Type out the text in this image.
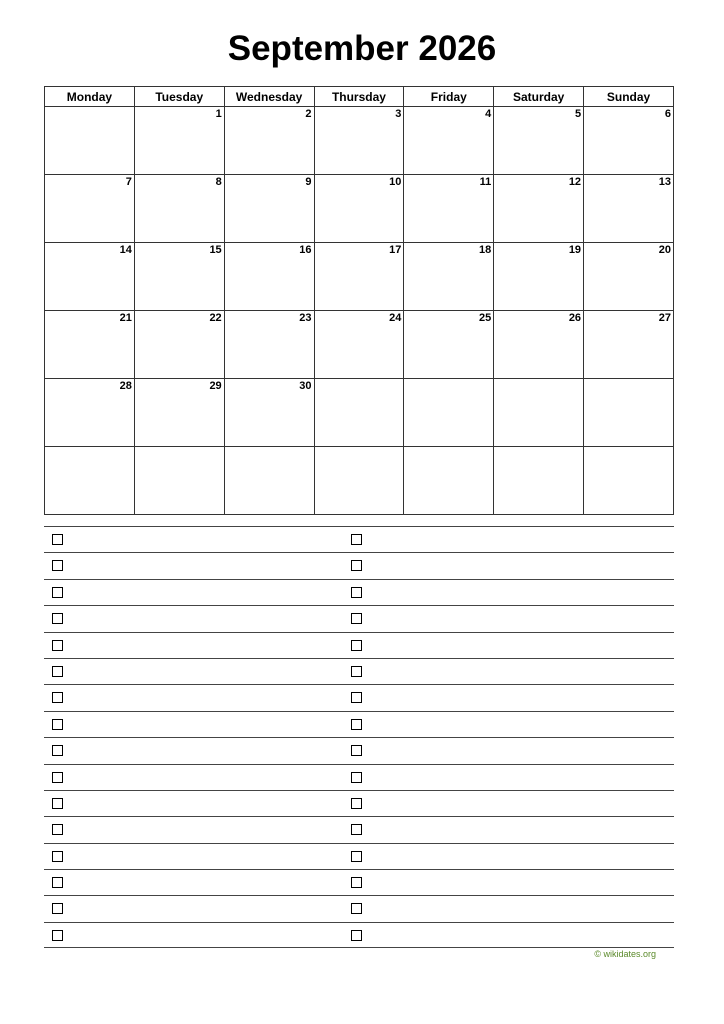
September 2026
Monday	Tuesday	Wednesday	Thursday	Friday	Saturday	Sunday

	1	2	3	4	5	6

7	8	9	10	11	12	13

14	15	16	17	18	19	20

21	22	23	24	25	26	27

28	29	30				

© wikidates.org
